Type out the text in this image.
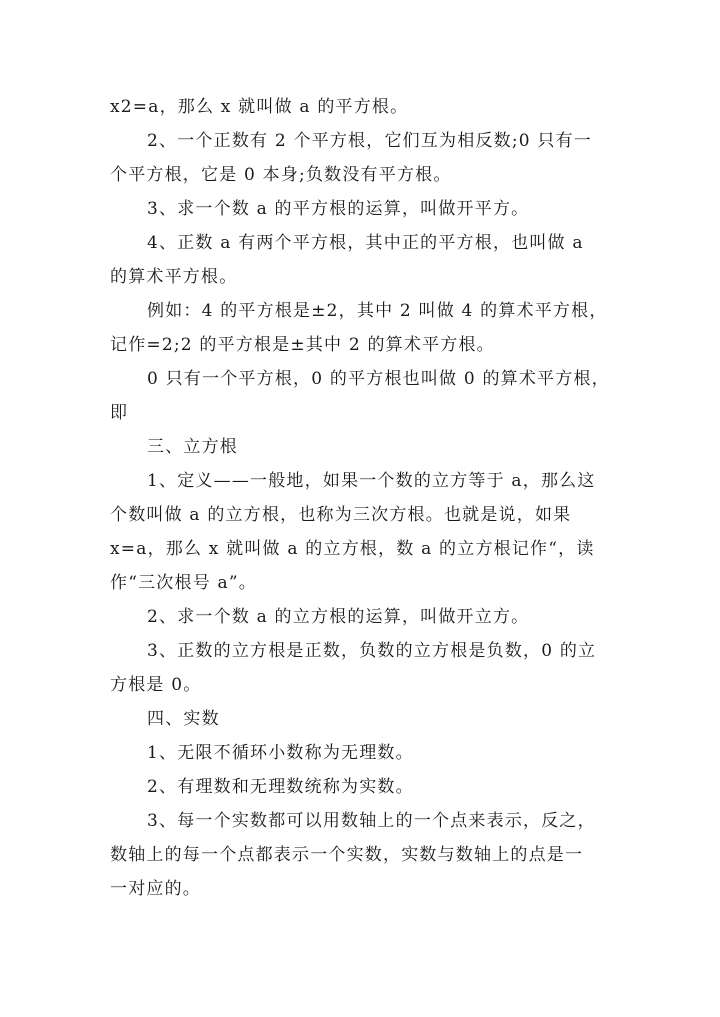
x2=a，那么 x 就叫做 a 的平方根。
2、一个正数有 2 个平方根，它们互为相反数;0 只有一
个平方根，它是 0 本身;负数没有平方根。
3、求一个数 a 的平方根的运算，叫做开平方。
4、正数 a 有两个平方根，其中正的平方根，也叫做 a
的算术平方根。
例如：4 的平方根是±2，其中 2 叫做 4 的算术平方根，
记作=2;2 的平方根是±其中 2 的算术平方根。
0 只有一个平方根，0 的平方根也叫做 0 的算术平方根，
即
三、立方根
1、定义——一般地，如果一个数的立方等于 a，那么这
个数叫做 a 的立方根，也称为三次方根。也就是说，如果
x=a，那么 x 就叫做 a 的立方根，数 a 的立方根记作“，读
作“三次根号 a”。
2、求一个数 a 的立方根的运算，叫做开立方。
3、正数的立方根是正数，负数的立方根是负数，0 的立
方根是 0。
四、实数
1、无限不循环小数称为无理数。
2、有理数和无理数统称为实数。
3、每一个实数都可以用数轴上的一个点来表示，反之，
数轴上的每一个点都表示一个实数，实数与数轴上的点是一
一对应的。
